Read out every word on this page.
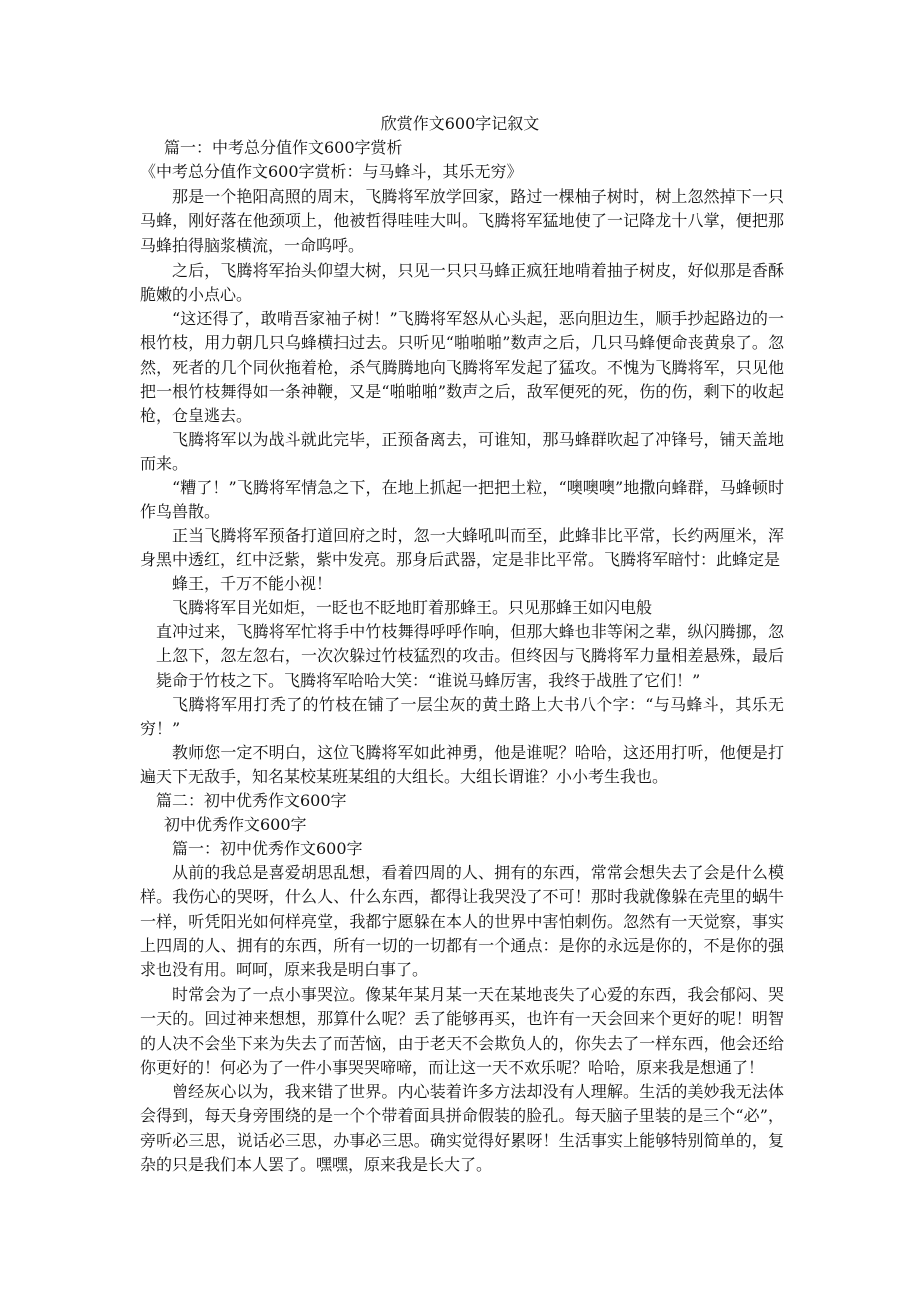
欣赏作文600字记叙文

篇一：中考总分值作文600字赏析

《中考总分值作文600字赏析：与马蜂斗，其乐无穷》

那是一个艳阳高照的周末，飞腾将军放学回家，路过一棵柚子树时，树上忽然掉下一只马蜂，刚好落在他颈项上，他被哲得哇哇大叫。飞腾将军猛地使了一记降龙十八掌，便把那马蜂拍得脑浆横流，一命呜呼。

之后，飞腾将军抬头仰望大树，只见一只只马蜂正疯狂地啃着抽子树皮，好似那是香酥脆嫩的小点心。

“这还得了，敢啃吾家袖子树！”飞腾将军怒从心头起，恶向胆边生，顺手抄起路边的一根竹枝，用力朝几只乌蜂横扫过去。只听见“啪啪啪”数声之后，几只马蜂便命丧黄泉了。忽然，死者的几个同伙拖着枪，杀气腾腾地向飞腾将军发起了猛攻。不愧为飞腾将军，只见他把一根竹枝舞得如一条神鞭，又是“啪啪啪”数声之后，敌军便死的死，伤的伤，剩下的收起枪，仓皇逃去。

飞腾将军以为战斗就此完毕，正预备离去，可谁知，那马蜂群吹起了冲锋号，铺天盖地而来。

“糟了！”飞腾将军情急之下，在地上抓起一把把土粒，“噢噢噢”地撒向蜂群，马蜂顿时作鸟兽散。

正当飞腾将军预备打道回府之时，忽一大蜂吼叫而至，此蜂非比平常，长约两厘米，浑身黑中透红，红中泛紫，紫中发亮。那身后武器，定是非比平常。飞腾将军暗忖：此蜂定是

蜂王，千万不能小视！

飞腾将军目光如炬，一眨也不眨地盯着那蜂王。只见那蜂王如闪电般

直冲过来，飞腾将军忙将手中竹枝舞得呼呼作响，但那大蜂也非等闲之辈，纵闪腾挪，忽上忽下，忽左忽右，一次次躲过竹枝猛烈的攻击。但终因与飞腾将军力量相差悬殊，最后毙命于竹枝之下。飞腾将军哈哈大笑：“谁说马蜂厉害，我终于战胜了它们！”

飞腾将军用打秃了的竹枝在铺了一层尘灰的黄土路上大书八个字：“与马蜂斗，其乐无穷！”

教师您一定不明白，这位飞腾将军如此神勇，他是谁呢？哈哈，这还用打听，他便是打遍天下无敌手，知名某校某班某组的大组长。大组长谓谁？小小考生我也。

篇二：初中优秀作文600字

初中优秀作文600字

篇一：初中优秀作文600字

从前的我总是喜爱胡思乱想，看着四周的人、拥有的东西，常常会想失去了会是什么模样。我伤心的哭呀，什么人、什么东西，都得让我哭没了不可！那时我就像躲在壳里的蜗牛一样，听凭阳光如何样亮堂，我都宁愿躲在本人的世界中害怕刺伤。忽然有一天觉察，事实上四周的人、拥有的东西，所有一切的一切都有一个通点：是你的永远是你的，不是你的强求也没有用。呵呵，原来我是明白事了。

时常会为了一点小事哭泣。像某年某月某一天在某地丧失了心爱的东西，我会郁闷、哭一天的。回过神来想想，那算什么呢？丢了能够再买，也许有一天会回来个更好的呢！明智的人决不会坐下来为失去了而苦恼，由于老天不会欺负人的，你失去了一样东西，他会还给你更好的！何必为了一件小事哭哭啼啼，而让这一天不欢乐呢？哈哈，原来我是想通了！

曾经灰心以为，我来错了世界。内心装着许多方法却没有人理解。生活的美妙我无法体会得到，每天身旁围绕的是一个个带着面具拼命假装的脸孔。每天脑子里装的是三个“必”，旁听必三思，说话必三思，办事必三思。确实觉得好累呀！生活事实上能够特别简单的，复杂的只是我们本人罢了。嘿嘿，原来我是长大了。
